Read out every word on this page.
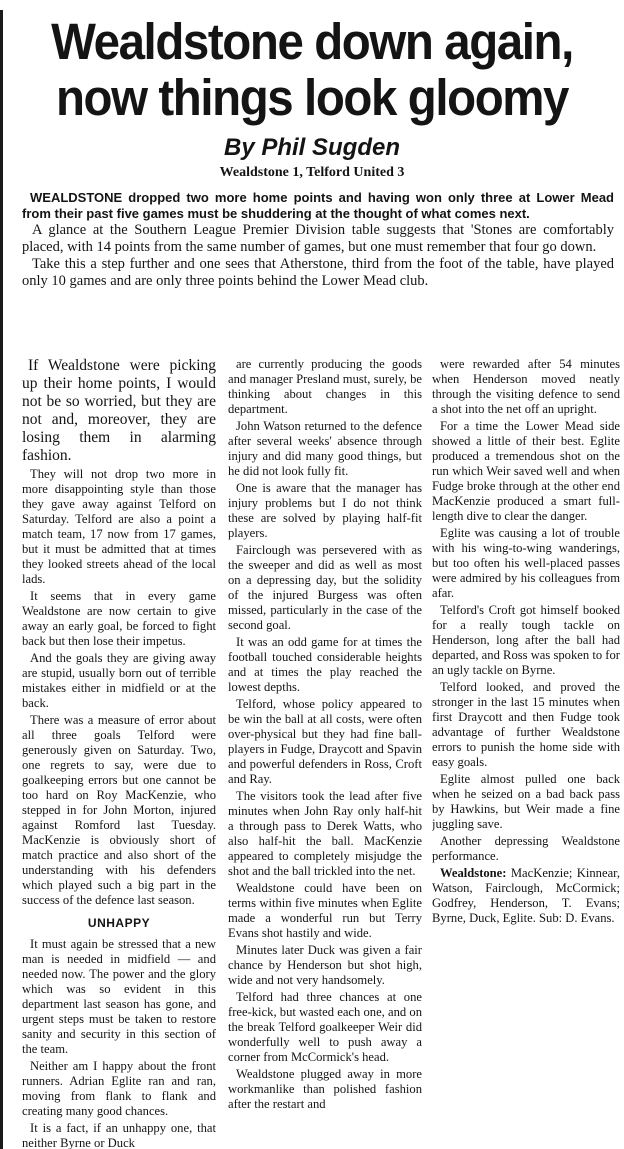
Wealdstone down again,
now things look gloomy
By Phil Sugden
Wealdstone 1, Telford United 3

WEALDSTONE dropped two more home points and having won only three at Lower Mead from their past five games must be shuddering at the thought of what comes next.

A glance at the Southern League Premier Division table suggests that 'Stones are comfortably placed, with 14 points from the same number of games, but one must remember that four go down.

Take this a step further and one sees that Atherstone, third from the foot of the table, have played only 10 games and are only three points behind the Lower Mead club.

If Wealdstone were picking up their home points, I would not be so worried, but they are not and, moreover, they are losing them in alarming fashion.

They will not drop two more in more disappointing style than those they gave away against Telford on Saturday. Telford are also a point a match team, 17 now from 17 games, but it must be admitted that at times they looked streets ahead of the local lads.

It seems that in every game Wealdstone are now certain to give away an early goal, be forced to fight back but then lose their impetus.

And the goals they are giving away are stupid, usually born out of terrible mistakes either in midfield or at the back.

There was a measure of error about all three goals Telford were generously given on Saturday. Two, one regrets to say, were due to goalkeeping errors but one cannot be too hard on Roy MacKenzie, who stepped in for John Morton, injured against Romford last Tuesday. MacKenzie is obviously short of match practice and also short of the understanding with his defenders which played such a big part in the success of the defence last season.

UNHAPPY

It must again be stressed that a new man is needed in midfield — and needed now. The power and the glory which was so evident in this department last season has gone, and urgent steps must be taken to restore sanity and security in this section of the team.

Neither am I happy about the front runners. Adrian Eglite ran and ran, moving from flank to flank and creating many good chances.

It is a fact, if an unhappy one, that neither Byrne or Duck

are currently producing the goods and manager Presland must, surely, be thinking about changes in this department.

John Watson returned to the defence after several weeks' absence through injury and did many good things, but he did not look fully fit.

One is aware that the manager has injury problems but I do not think these are solved by playing half-fit players.

Fairclough was persevered with as the sweeper and did as well as most on a depressing day, but the solidity of the injured Burgess was often missed, particularly in the case of the second goal.

It was an odd game for at times the football touched considerable heights and at times the play reached the lowest depths.

Telford, whose policy appeared to be win the ball at all costs, were often over-physical but they had fine ball-players in Fudge, Draycott and Spavin and powerful defenders in Ross, Croft and Ray.

The visitors took the lead after five minutes when John Ray only half-hit a through pass to Derek Watts, who also half-hit the ball. MacKenzie appeared to completely misjudge the shot and the ball trickled into the net.

Wealdstone could have been on terms within five minutes when Eglite made a wonderful run but Terry Evans shot hastily and wide.

Minutes later Duck was given a fair chance by Henderson but shot high, wide and not very handsomely.

Telford had three chances at one free-kick, but wasted each one, and on the break Telford goalkeeper Weir did wonderfully well to push away a corner from McCormick's head.

Wealdstone plugged away in more workmanlike than polished fashion after the restart and

were rewarded after 54 minutes when Henderson moved neatly through the visiting defence to send a shot into the net off an upright.

For a time the Lower Mead side showed a little of their best. Eglite produced a tremendous shot on the run which Weir saved well and when Fudge broke through at the other end MacKenzie produced a smart full-length dive to clear the danger.

Eglite was causing a lot of trouble with his wing-to-wing wanderings, but too often his well-placed passes were admired by his colleagues from afar.

Telford's Croft got himself booked for a really tough tackle on Henderson, long after the ball had departed, and Ross was spoken to for an ugly tackle on Byrne.

Telford looked, and proved the stronger in the last 15 minutes when first Draycott and then Fudge took advantage of further Wealdstone errors to punish the home side with easy goals.

Eglite almost pulled one back when he seized on a bad back pass by Hawkins, but Weir made a fine juggling save.

Another depressing Wealdstone performance.

Wealdstone: MacKenzie; Kinnear, Watson, Fairclough, McCormick; Godfrey, Henderson, T. Evans; Byrne, Duck, Eglite. Sub: D. Evans.
